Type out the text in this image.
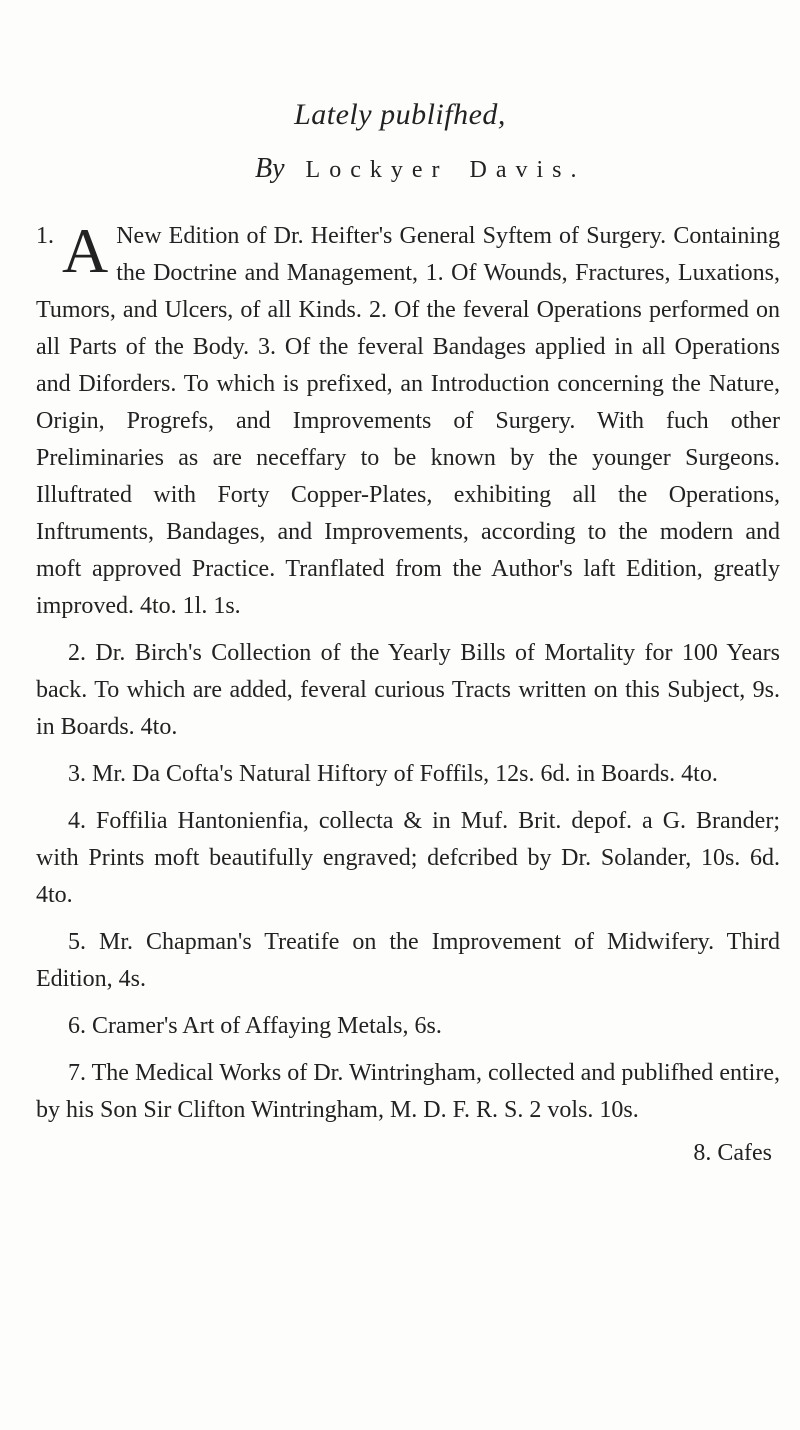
Lately publifhed,
By Lockyer Davis.

1. A New Edition of Dr. Heifter's General Syftem of Surgery. Containing the Doctrine and Management, 1. Of Wounds, Fractures, Luxations, Tumors, and Ulcers, of all Kinds. 2. Of the feveral Operations performed on all Parts of the Body. 3. Of the feveral Bandages applied in all Operations and Diforders. To which is prefixed, an Introduction concerning the Nature, Origin, Progrefs, and Improvements of Surgery. With fuch other Preliminaries as are neceffary to be known by the younger Surgeons. Illuftrated with Forty Copper-Plates, exhibiting all the Operations, Inftruments, Bandages, and Improvements, according to the modern and moft approved Practice. Tranflated from the Author's laft Edition, greatly improved. 4to. 1l. 1s.

2. Dr. Birch's Collection of the Yearly Bills of Mortality for 100 Years back. To which are added, feveral curious Tracts written on this Subject, 9s. in Boards. 4to.

3. Mr. Da Cofta's Natural Hiftory of Foffils, 12s. 6d. in Boards. 4to.

4. Foffilia Hantonienfia, collecta & in Muf. Brit. depof. a G. Brander; with Prints moft beautifully engraved; defcribed by Dr. Solander, 10s. 6d. 4to.

5. Mr. Chapman's Treatife on the Improvement of Midwifery. Third Edition, 4s.

6. Cramer's Art of Affaying Metals, 6s.

7. The Medical Works of Dr. Wintringham, collected and publifhed entire, by his Son Sir Clifton Wintringham, M. D. F. R. S. 2 vols. 10s.

8. Cafes
